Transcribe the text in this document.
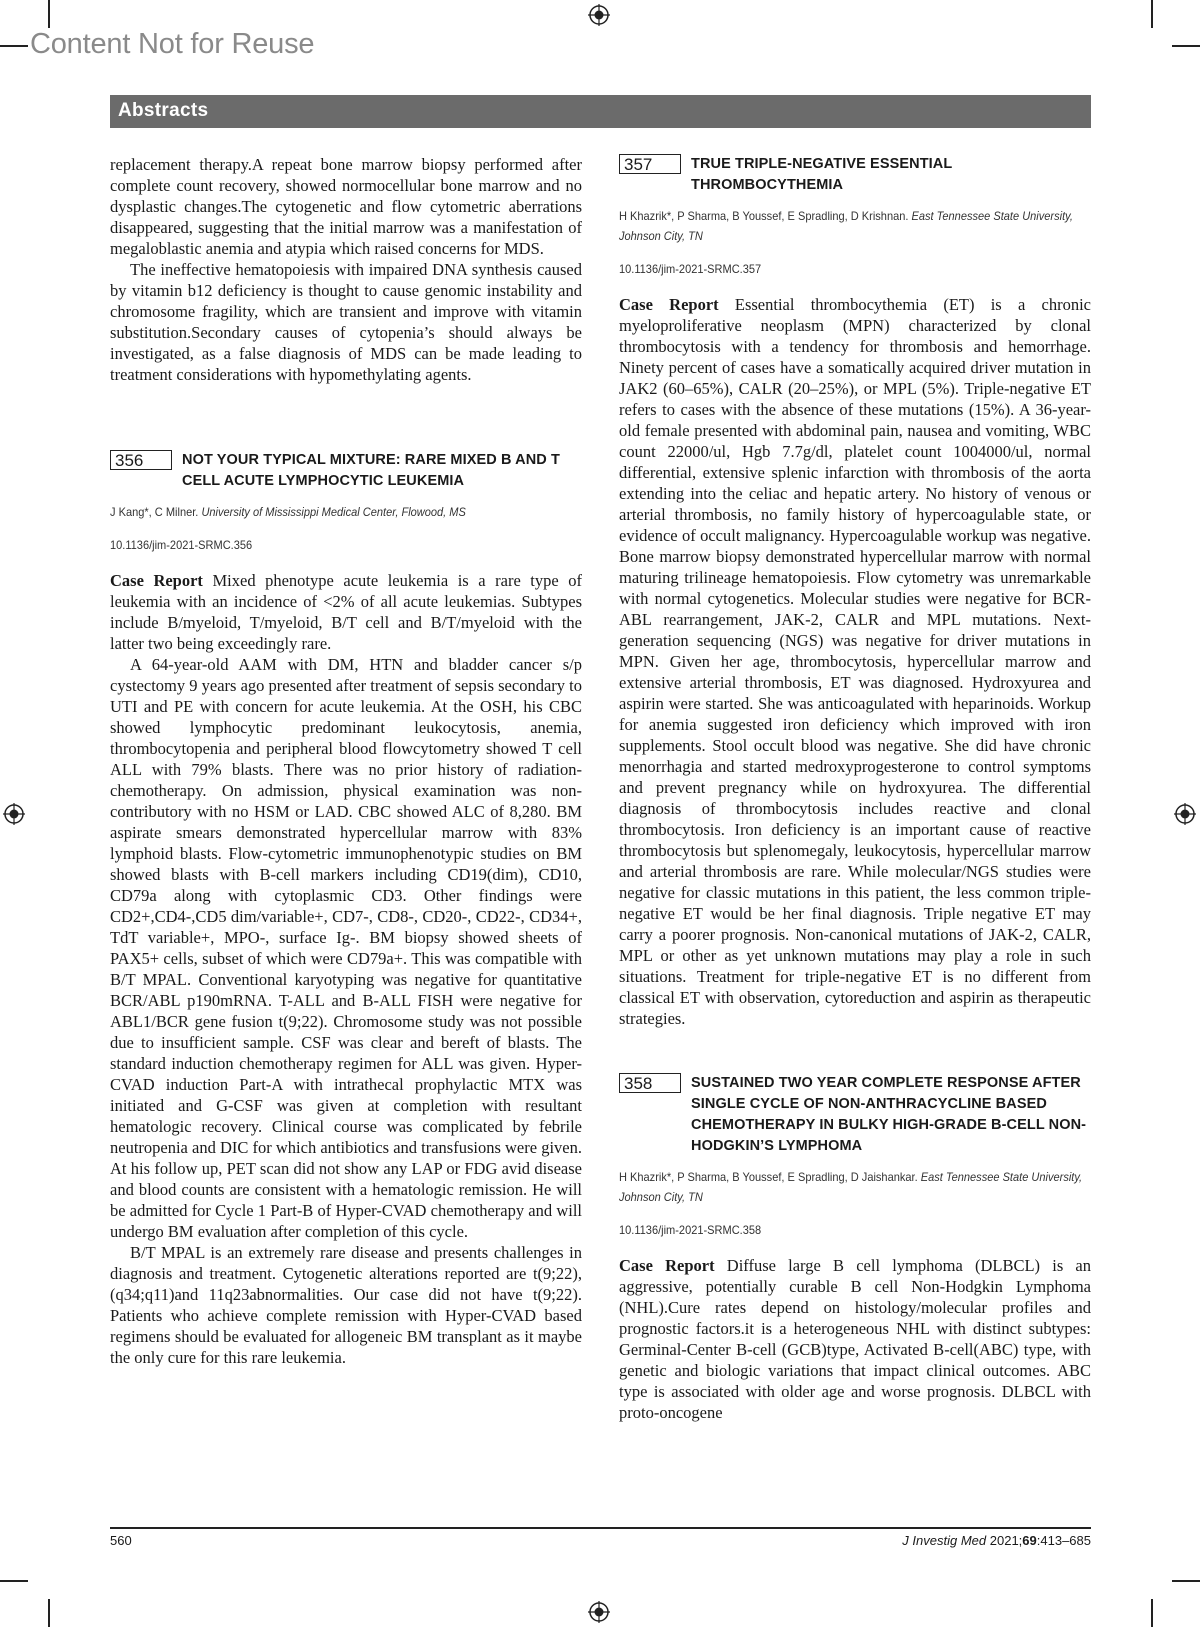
Content Not for Reuse
Abstracts

replacement therapy.A repeat bone marrow biopsy performed after complete count recovery, showed normocellular bone marrow and no dysplastic changes.The cytogenetic and flow cytometric aberrations disappeared, suggesting that the initial marrow was a manifestation of megaloblastic anemia and atypia which raised concerns for MDS.

The ineffective hematopoiesis with impaired DNA synthesis caused by vitamin b12 deficiency is thought to cause genomic instability and chromosome fragility, which are transient and improve with vitamin substitution.Secondary causes of cytopenia’s should always be investigated, as a false diagnosis of MDS can be made leading to treatment considerations with hypomethylating agents.

356	NOT YOUR TYPICAL MIXTURE: RARE MIXED B AND T CELL ACUTE LYMPHOCYTIC LEUKEMIA

J Kang*, C Milner. University of Mississippi Medical Center, Flowood, MS

10.1136/jim-2021-SRMC.356

Case Report Mixed phenotype acute leukemia is a rare type of leukemia with an incidence of <2% of all acute leukemias. Subtypes include B/myeloid, T/myeloid, B/T cell and B/T/myeloid with the latter two being exceedingly rare.

A 64-year-old AAM with DM, HTN and bladder cancer s/p cystectomy 9 years ago presented after treatment of sepsis secondary to UTI and PE with concern for acute leukemia. At the OSH, his CBC showed lymphocytic predominant leukocytosis, anemia, thrombocytopenia and peripheral blood flowcytometry showed T cell ALL with 79% blasts. There was no prior history of radiation-chemotherapy. On admission, physical examination was non-contributory with no HSM or LAD. CBC showed ALC of 8,280. BM aspirate smears demonstrated hypercellular marrow with 83% lymphoid blasts. Flow-cytometric immunophenotypic studies on BM showed blasts with B-cell markers including CD19(dim), CD10, CD79a along with cytoplasmic CD3. Other findings were CD2+,CD4-,CD5 dim/variable+, CD7-, CD8-, CD20-, CD22-, CD34+, TdT variable+, MPO-, surface Ig-. BM biopsy showed sheets of PAX5+ cells, subset of which were CD79a+. This was compatible with B/T MPAL. Conventional karyotyping was negative for quantitative BCR/ABL p190mRNA. T-ALL and B-ALL FISH were negative for ABL1/BCR gene fusion t(9;22). Chromosome study was not possible due to insufficient sample. CSF was clear and bereft of blasts. The standard induction chemotherapy regimen for ALL was given. Hyper-CVAD induction Part-A with intrathecal prophylactic MTX was initiated and G-CSF was given at completion with resultant hematologic recovery. Clinical course was complicated by febrile neutropenia and DIC for which antibiotics and transfusions were given. At his follow up, PET scan did not show any LAP or FDG avid disease and blood counts are consistent with a hematologic remission. He will be admitted for Cycle 1 Part-B of Hyper-CVAD chemotherapy and will undergo BM evaluation after completion of this cycle.

B/T MPAL is an extremely rare disease and presents challenges in diagnosis and treatment. Cytogenetic alterations reported are t(9;22),(q34;q11)and 11q23abnormalities. Our case did not have t(9;22). Patients who achieve complete remission with Hyper-CVAD based regimens should be evaluated for allogeneic BM transplant as it maybe the only cure for this rare leukemia.

357	TRUE TRIPLE-NEGATIVE ESSENTIAL THROMBOCYTHEMIA

H Khazrik*, P Sharma, B Youssef, E Spradling, D Krishnan. East Tennessee State University, Johnson City, TN

10.1136/jim-2021-SRMC.357

Case Report Essential thrombocythemia (ET) is a chronic myeloproliferative neoplasm (MPN) characterized by clonal thrombocytosis with a tendency for thrombosis and hemorrhage. Ninety percent of cases have a somatically acquired driver mutation in JAK2 (60–65%), CALR (20–25%), or MPL (5%). Triple-negative ET refers to cases with the absence of these mutations (15%). A 36-year-old female presented with abdominal pain, nausea and vomiting, WBC count 22000/ul, Hgb 7.7g/dl, platelet count 1004000/ul, normal differential, extensive splenic infarction with thrombosis of the aorta extending into the celiac and hepatic artery. No history of venous or arterial thrombosis, no family history of hypercoagulable state, or evidence of occult malignancy. Hypercoagulable workup was negative. Bone marrow biopsy demonstrated hypercellular marrow with normal maturing trilineage hematopoiesis. Flow cytometry was unremarkable with normal cytogenetics. Molecular studies were negative for BCR-ABL rearrangement, JAK-2, CALR and MPL mutations. Next-generation sequencing (NGS) was negative for driver mutations in MPN. Given her age, thrombocytosis, hypercellular marrow and extensive arterial thrombosis, ET was diagnosed. Hydroxyurea and aspirin were started. She was anticoagulated with heparinoids. Workup for anemia suggested iron deficiency which improved with iron supplements. Stool occult blood was negative. She did have chronic menorrhagia and started medroxyprogesterone to control symptoms and prevent pregnancy while on hydroxyurea. The differential diagnosis of thrombocytosis includes reactive and clonal thrombocytosis. Iron deficiency is an important cause of reactive thrombocytosis but splenomegaly, leukocytosis, hypercellular marrow and arterial thrombosis are rare. While molecular/NGS studies were negative for classic mutations in this patient, the less common triple-negative ET would be her final diagnosis. Triple negative ET may carry a poorer prognosis. Non-canonical mutations of JAK-2, CALR, MPL or other as yet unknown mutations may play a role in such situations. Treatment for triple-negative ET is no different from classical ET with observation, cytoreduction and aspirin as therapeutic strategies.

358	SUSTAINED TWO YEAR COMPLETE RESPONSE AFTER SINGLE CYCLE OF NON-ANTHRACYCLINE BASED CHEMOTHERAPY IN BULKY HIGH-GRADE B-CELL NON-HODGKIN’S LYMPHOMA

H Khazrik*, P Sharma, B Youssef, E Spradling, D Jaishankar. East Tennessee State University, Johnson City, TN

10.1136/jim-2021-SRMC.358

Case Report Diffuse large B cell lymphoma (DLBCL) is an aggressive, potentially curable B cell Non-Hodgkin Lymphoma (NHL).Cure rates depend on histology/molecular profiles and prognostic factors.it is a heterogeneous NHL with distinct subtypes: Germinal-Center B-cell (GCB)type, Activated B-cell(ABC) type, with genetic and biologic variations that impact clinical outcomes. ABC type is associated with older age and worse prognosis. DLBCL with proto-oncogene

560	J Investig Med 2021;69:413–685
